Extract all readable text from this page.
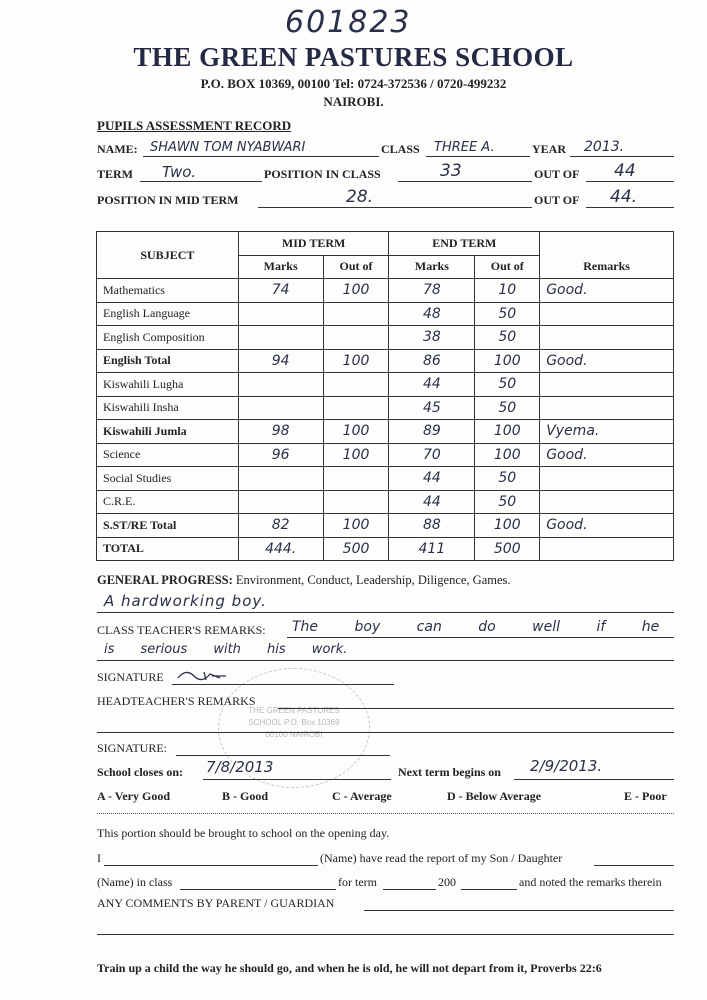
601823
THE GREEN PASTURES SCHOOL
P.O. BOX 10369, 00100 Tel: 0724-372536 / 0720-499232
NAIROBI.
PUPILS ASSESSMENT RECORD
NAME: SHAWN TOM NYABWARI	CLASS THREE A.	YEAR 2013.
TERM Two.	POSITION IN CLASS	33	OUT OF 44
POSITION IN MID TERM	28.	OUT OF 44.
SUBJECT	MID TERM		END TERM		
	Marks	Out of	Marks	Out of	Remarks
Mathematics	74	100	78	10	Good.
English Language			48	50	
English Composition			38	50	
English Total	94	100	86	100	Good.
Kiswahili Lugha			44	50	
Kiswahili Insha			45	50	
Kiswahili Jumla	98	100	89	100	Vyema.
Science	96	100	70	100	Good.
Social Studies			44	50	
C.R.E.			44	50	
S.ST/RE Total	82	100	88	100	Good.
TOTAL	444.	500	411	500	
GENERAL PROGRESS: Environment, Conduct, Leadership, Diligence, Games.
A hardworking boy.
CLASS TEACHER'S REMARKS: The boy can do well if he
is serious with his work.
THE GREEN PASTURES SCHOOL P.O. Box 10369 00100 NAIROBI
SIGNATURE
HEADTEACHER'S REMARKS
SIGNATURE:
School closes on: 7/8/2013	Next term begins on 2/9/2013.
A - Very Good	B - Good	C - Average	D - Below Average	E - Poor
This portion should be brought to school on the opening day.
I	(Name) have read the report of my Son / Daughter
(Name) in class	for term	200	and noted the remarks therein
ANY COMMENTS BY PARENT / GUARDIAN
Train up a child the way he should go, and when he is old, he will not depart from it, Proverbs 22:6
